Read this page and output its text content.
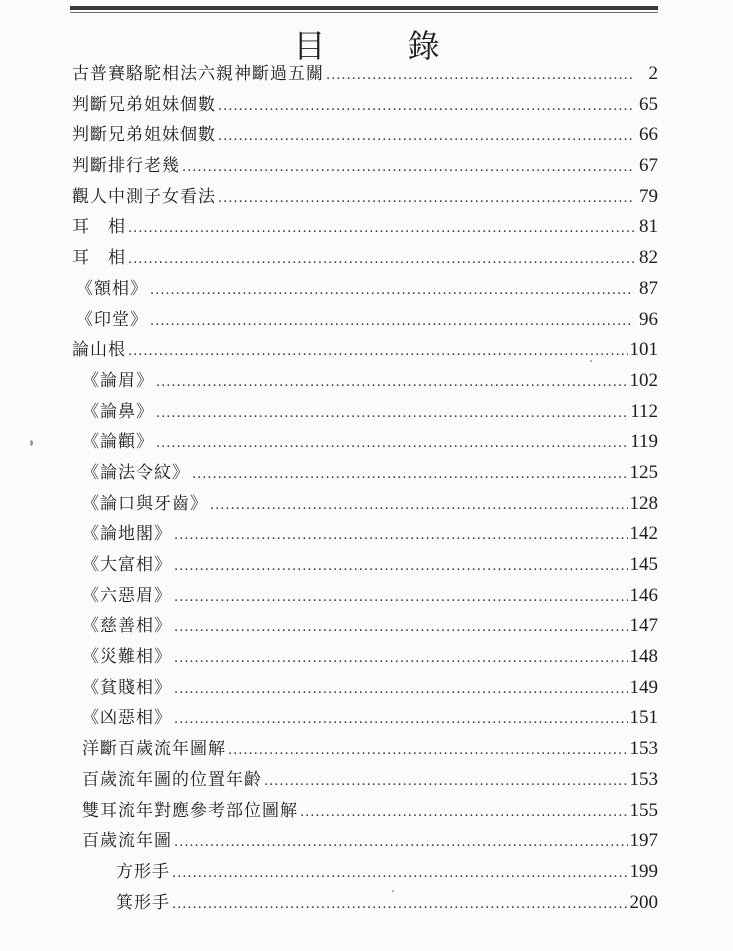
目 錄
古普賽駱駝相法六親神斷過五關 .....	2
判斷兄弟姐妹個數 .....	65
判斷兄弟姐妹個數 .....	66
判斷排行老幾 .....	67
觀人中測子女看法 .....	79
耳　相 .....	81
耳　相 .....	82
《額相》 .....	87
《印堂》 .....	96
論山根 .....	101
《論眉》 .....	102
《論鼻》 .....	112
《論顴》 .....	119
《論法令紋》 .....	125
《論口與牙齒》 .....	128
《論地閣》 .....	142
《大富相》 .....	145
《六惡眉》 .....	146
《慈善相》 .....	147
《災難相》 .....	148
《貧賤相》 .....	149
《凶惡相》 .....	151
洋斷百歲流年圖解 .....	153
百歲流年圖的位置年齡 .....	153
雙耳流年對應參考部位圖解 .....	155
百歲流年圖 .....	197
方形手 .....	199
箕形手 .....	200
